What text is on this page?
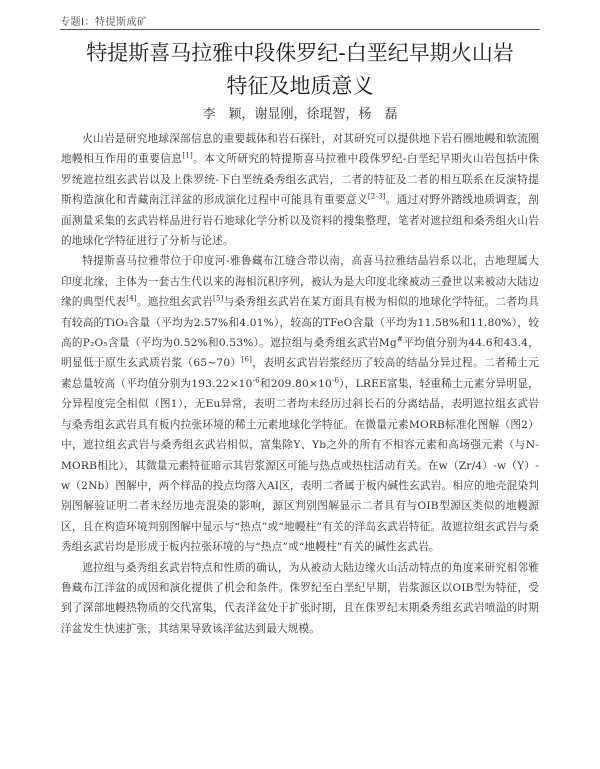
专题Ⅰ：特提斯成矿
特提斯喜马拉雅中段侏罗纪-白垩纪早期火山岩
特征及地质意义
李　颖，谢显刚，徐琨智，杨　磊

火山岩是研究地球深部信息的重要载体和岩石探针，对其研究可以提供地下岩石圈地幔和软流圈地幔相互作用的重要信息[1]。本文所研究的特提斯喜马拉雅中段侏罗纪-白垩纪早期火山岩包括中侏罗统遮拉组玄武岩以及上侏罗统-下白垩统桑秀组玄武岩，二者的特征及二者的相互联系在反演特提斯构造演化和青藏南江洋盆的形成演化过程中可能具有重要意义[2-3]。通过对野外踏线地质调查，剖面测量采集的玄武岩样品进行岩石地球化学分析以及资料的搜集整理，笔者对遮拉组和桑秀组火山岩的地球化学特征进行了分析与论述。

特提斯喜马拉雅带位于印度河-雅鲁藏布江缝合带以南，高喜马拉雅结晶岩系以北，古地理属大印度北缘，主体为一套古生代以来的海相沉积序列，被认为是大印度北缘被动三叠世以来被动大陆边缘的典型代表[4]。遮拉组玄武岩[5]与桑秀组玄武岩在某方面具有极为相似的地球化学特征。二者均具有较高的TiO₂含量（平均为2.57%和4.01%），较高的TFeO含量（平均为11.58%和11.80%），较高的P₂O₅含量（平均为0.52%和0.53%）。遮拉组与桑秀组玄武岩Mg#平均值分别为44.6和43.4，明显低于原生玄武质岩浆（65~70）[6]，表明玄武岩岩浆经历了较高的结晶分异过程。二者稀土元素总量较高（平均值分别为$193.22\times 10^{-6}$和$209.80\times 10^{-6}$），LREE富集，轻重稀土元素分异明显，分异程度完全相似（图1），无Eu异常，表明二者均未经历过斜长石的分离结晶，表明遮拉组玄武岩与桑秀组玄武岩具有板内拉张环境的稀土元素地球化学特征。在微量元素MORB标准化图解（图2）中，遮拉组玄武岩与桑秀组玄武岩相似，富集除Y、Yb之外的所有不相容元素和高场强元素（与N-MORB相比），其微量元素特征暗示其岩浆源区可能与热点或热柱活动有关。在w（Zr/4）-w（Y）-w（2Nb）图解中，两个样品的投点均落入AI区，表明二者属于板内碱性玄武岩。相应的地壳混染判别图解验证明二者未经历地壳混染的影响，源区判别图解显示二者具有与OIB型源区类似的地幔源区，且在构造环境判别图解中显示与“热点”或“地幔柱”有关的洋岛玄武岩特征。故遮拉组玄武岩与桑秀组玄武岩均是形成于板内拉张环境的与“热点”或“地幔柱”有关的碱性玄武岩。

遮拉组与桑秀组玄武岩特点和性质的确认，为从被动大陆边缘火山活动特点的角度来研究相邻雅鲁藏布江洋盆的成因和演化提供了机会和条件。侏罗纪至白垩纪早期，岩浆源区以OIB型为特征，受到了深部地幔热物质的交代富集，代表洋盆处于扩张时期，且在侏罗纪末期桑秀组玄武岩喷溢的时期洋盆发生快速扩张，其结果导致该洋盆达到最大规模。
